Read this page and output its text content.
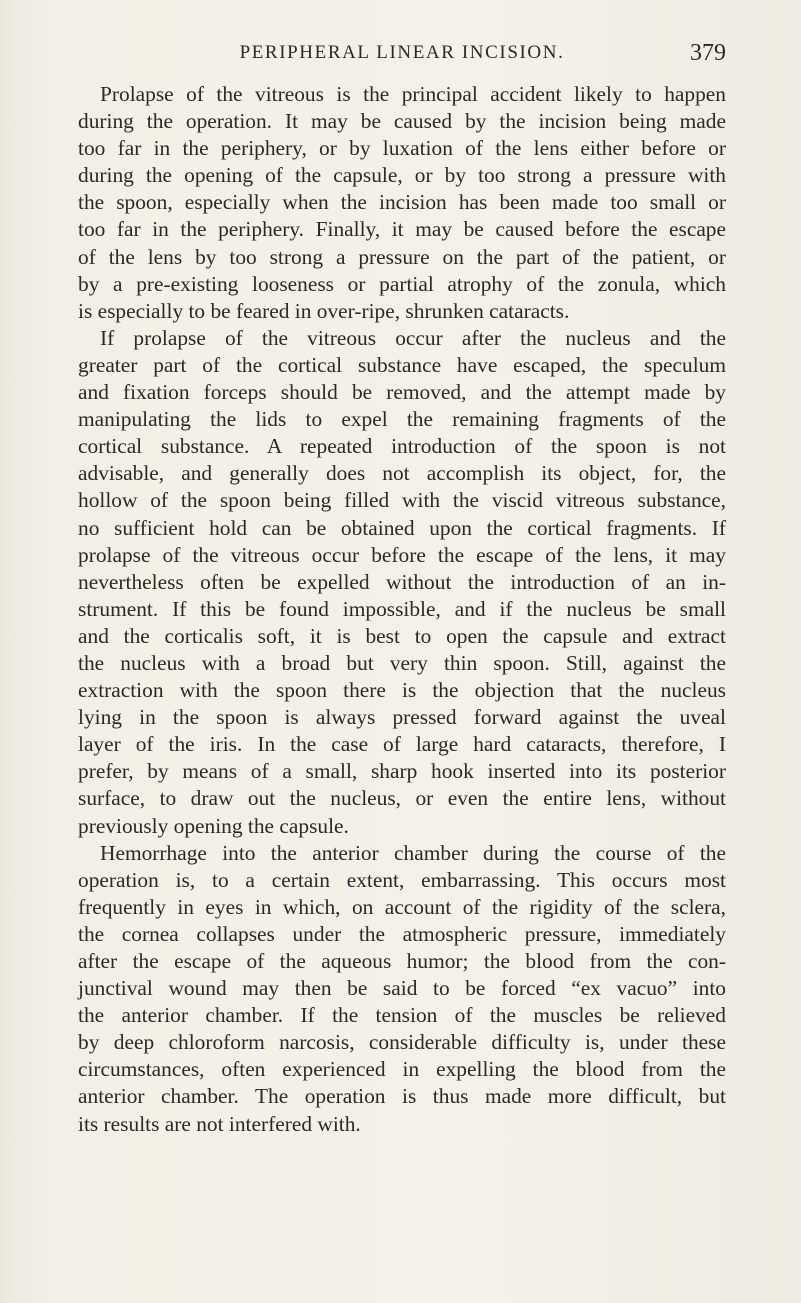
PERIPHERAL LINEAR INCISION.	379
Prolapse of the vitreous is the principal accident likely to happen
during the operation. It may be caused by the incision being made
too far in the periphery, or by luxation of the lens either before or
during the opening of the capsule, or by too strong a pressure with
the spoon, especially when the incision has been made too small or
too far in the periphery. Finally, it may be caused before the escape
of the lens by too strong a pressure on the part of the patient, or
by a pre-existing looseness or partial atrophy of the zonula, which
is especially to be feared in over-ripe, shrunken cataracts.
If prolapse of the vitreous occur after the nucleus and the
greater part of the cortical substance have escaped, the speculum
and fixation forceps should be removed, and the attempt made by
manipulating the lids to expel the remaining fragments of the
cortical substance. A repeated introduction of the spoon is not
advisable, and generally does not accomplish its object, for, the
hollow of the spoon being filled with the viscid vitreous substance,
no sufficient hold can be obtained upon the cortical fragments. If
prolapse of the vitreous occur before the escape of the lens, it may
nevertheless often be expelled without the introduction of an in-
strument. If this be found impossible, and if the nucleus be small
and the corticalis soft, it is best to open the capsule and extract
the nucleus with a broad but very thin spoon. Still, against the
extraction with the spoon there is the objection that the nucleus
lying in the spoon is always pressed forward against the uveal
layer of the iris. In the case of large hard cataracts, therefore, I
prefer, by means of a small, sharp hook inserted into its posterior
surface, to draw out the nucleus, or even the entire lens, without
previously opening the capsule.
Hemorrhage into the anterior chamber during the course of the
operation is, to a certain extent, embarrassing. This occurs most
frequently in eyes in which, on account of the rigidity of the sclera,
the cornea collapses under the atmospheric pressure, immediately
after the escape of the aqueous humor; the blood from the con-
junctival wound may then be said to be forced “ex vacuo” into
the anterior chamber. If the tension of the muscles be relieved
by deep chloroform narcosis, considerable difficulty is, under these
circumstances, often experienced in expelling the blood from the
anterior chamber. The operation is thus made more difficult, but
its results are not interfered with.
